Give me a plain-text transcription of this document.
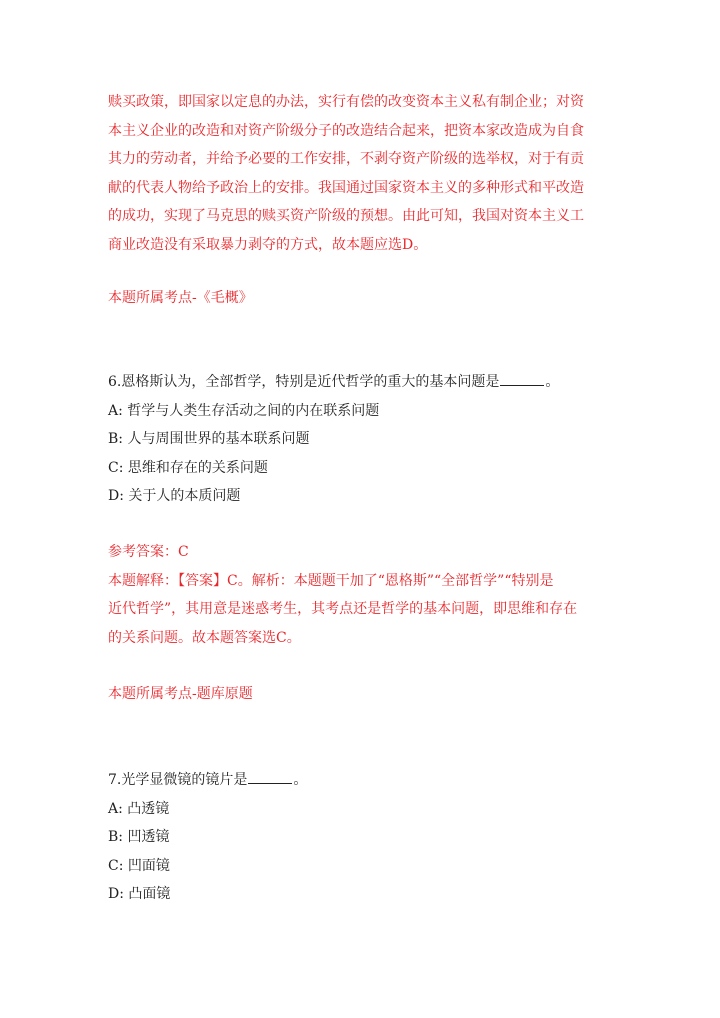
赎买政策，即国家以定息的办法，实行有偿的改变资本主义私有制企业；对资

本主义企业的改造和对资产阶级分子的改造结合起来，把资本家改造成为自食

其力的劳动者，并给予必要的工作安排，不剥夺资产阶级的选举权，对于有贡

献的代表人物给予政治上的安排。我国通过国家资本主义的多种形式和平改造

的成功，实现了马克思的赎买资产阶级的预想。由此可知，我国对资本主义工

商业改造没有采取暴力剥夺的方式，故本题应选D。

本题所属考点-《毛概》

6.恩格斯认为，全部哲学，特别是近代哲学的重大的基本问题是	。

A: 哲学与人类生存活动之间的内在联系问题

B: 人与周围世界的基本联系问题

C: 思维和存在的关系问题

D: 关于人的本质问题

参考答案：C

本题解释：【答案】C。解析：本题题干加了“恩格斯”“全部哲学”“特别是

近代哲学”，其用意是迷惑考生，其考点还是哲学的基本问题，即思维和存在

的关系问题。故本题答案选C。

本题所属考点-题库原题

7.光学显微镜的镜片是	。

A: 凸透镜

B: 凹透镜

C: 凹面镜

D: 凸面镜
